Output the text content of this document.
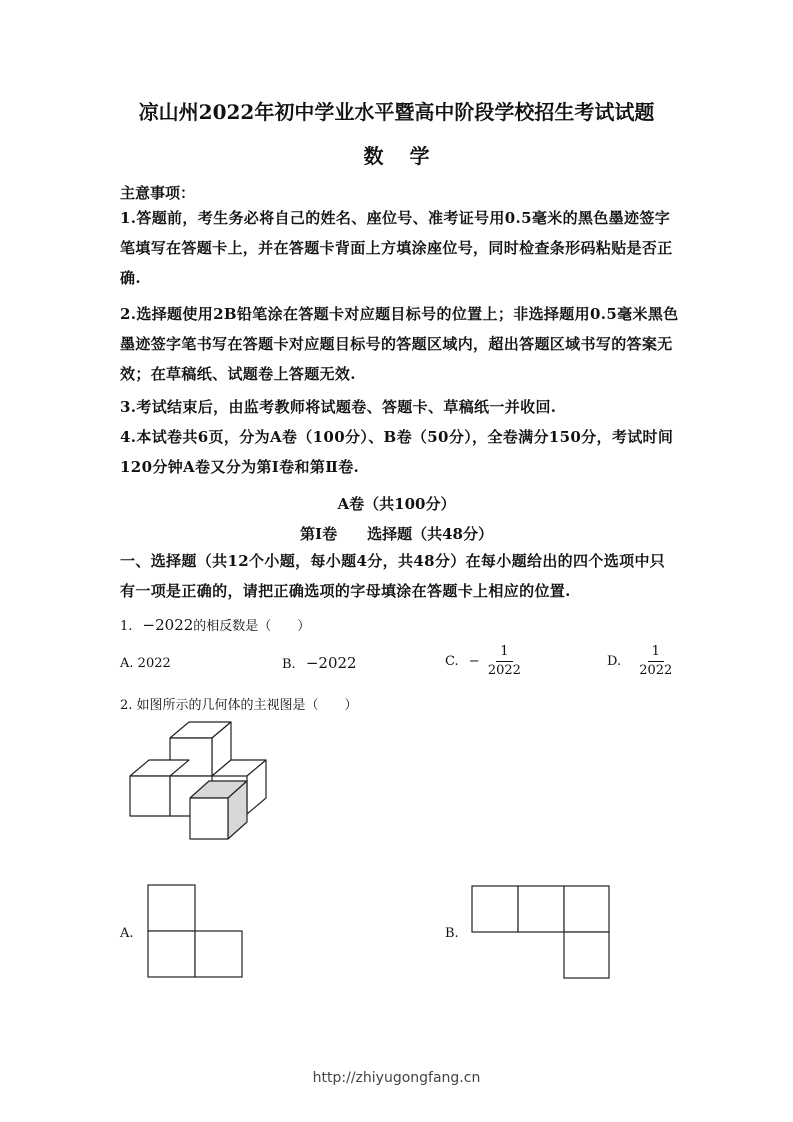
凉山州2022年初中学业水平暨高中阶段学校招生考试试题
数学
主意事项：
1.答题前，考生务必将自己的姓名、座位号、准考证号用0.5毫米的黑色墨迹签字笔填写在答题卡上，并在答题卡背面上方填涂座位号，同时检查条形码粘贴是否正确.
2.选择题使用2B铅笔涂在答题卡对应题目标号的位置上；非选择题用0.5毫米黑色墨迹签字笔书写在答题卡对应题目标号的答题区域内，超出答题区域书写的答案无效；在草稿纸、试题卷上答题无效.
3.考试结束后，由监考教师将试题卷、答题卡、草稿纸一并收回.
4.本试卷共6页，分为A卷（100分）、B卷（50分），全卷满分150分，考试时间120分钟A卷又分为第I卷和第Ⅱ卷.
A卷（共100分）
第I卷　　选择题（共48分）
一、选择题（共12个小题，每小题4分，共48分）在每小题给出的四个选项中只有一项是正确的，请把正确选项的字母填涂在答题卡上相应的位置.
1. −2022的相反数是（　　）
A. 2022	B. −2022	C. − $\frac{1}{2022}$	D. $\frac{1}{2022}$
2. 如图所示的几何体的主视图是（　　）
A.	B.
http://zhiyugongfang.cn
